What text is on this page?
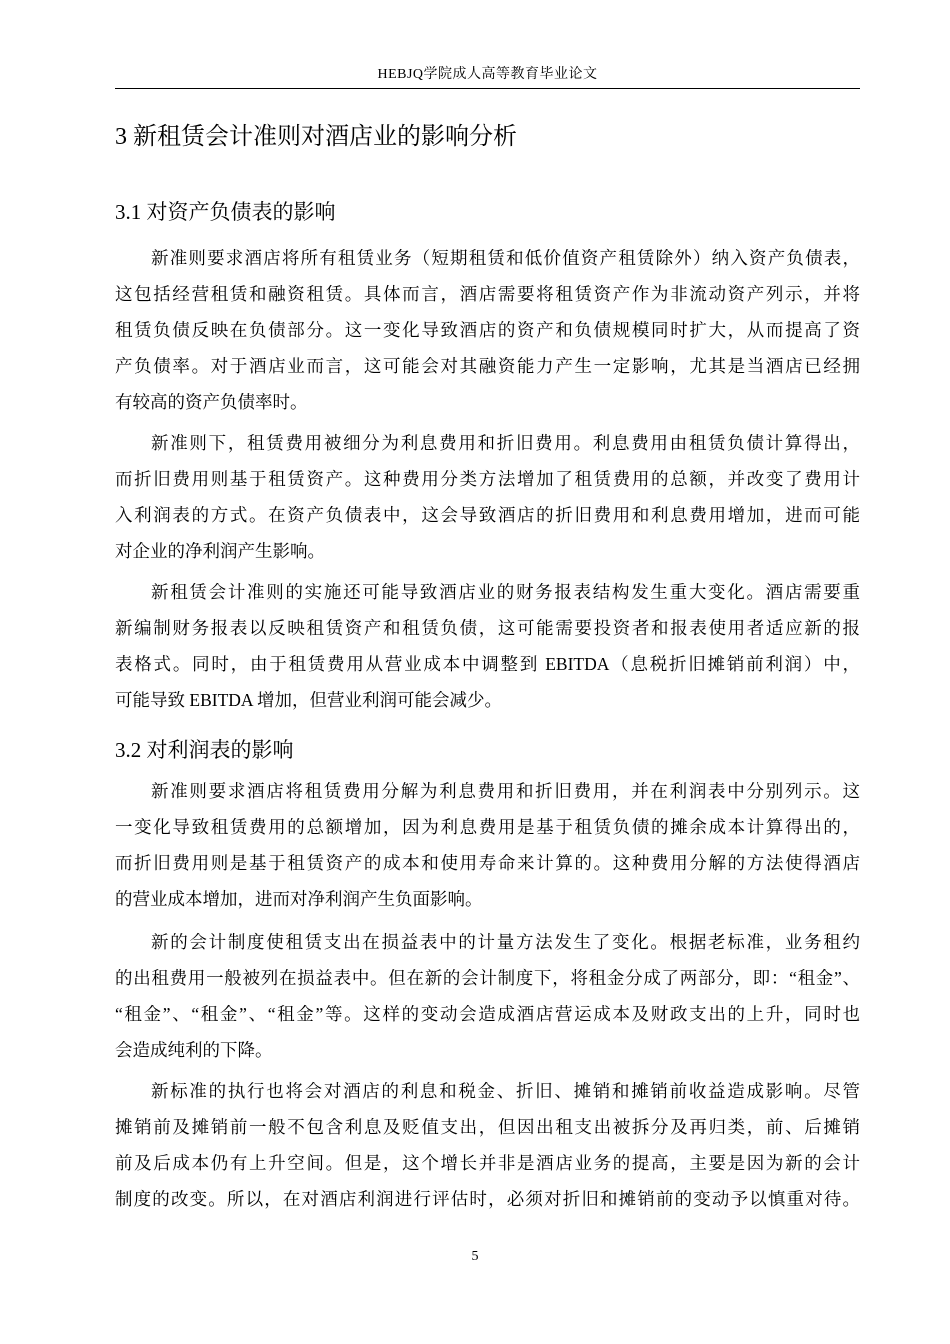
HEBJQ学院成人高等教育毕业论文
3 新租赁会计准则对酒店业的影响分析
3.1 对资产负债表的影响
新准则要求酒店将所有租赁业务（短期租赁和低价值资产租赁除外）纳入资产负债表，
这包括经营租赁和融资租赁。具体而言，酒店需要将租赁资产作为非流动资产列示，并将
租赁负债反映在负债部分。这一变化导致酒店的资产和负债规模同时扩大，从而提高了资
产负债率。对于酒店业而言，这可能会对其融资能力产生一定影响，尤其是当酒店已经拥
有较高的资产负债率时。
新准则下，租赁费用被细分为利息费用和折旧费用。利息费用由租赁负债计算得出，
而折旧费用则基于租赁资产。这种费用分类方法增加了租赁费用的总额，并改变了费用计
入利润表的方式。在资产负债表中，这会导致酒店的折旧费用和利息费用增加，进而可能
对企业的净利润产生影响。
新租赁会计准则的实施还可能导致酒店业的财务报表结构发生重大变化。酒店需要重
新编制财务报表以反映租赁资产和租赁负债，这可能需要投资者和报表使用者适应新的报
表格式。同时，由于租赁费用从营业成本中调整到 EBITDA（息税折旧摊销前利润）中，
可能导致 EBITDA 增加，但营业利润可能会减少。
3.2 对利润表的影响
新准则要求酒店将租赁费用分解为利息费用和折旧费用，并在利润表中分别列示。这
一变化导致租赁费用的总额增加，因为利息费用是基于租赁负债的摊余成本计算得出的，
而折旧费用则是基于租赁资产的成本和使用寿命来计算的。这种费用分解的方法使得酒店
的营业成本增加，进而对净利润产生负面影响。
新的会计制度使租赁支出在损益表中的计量方法发生了变化。根据老标准，业务租约
的出租费用一般被列在损益表中。但在新的会计制度下，将租金分成了两部分，即：“租金”、
“租金”、“租金”、“租金”等。这样的变动会造成酒店营运成本及财政支出的上升，同时也
会造成纯利的下降。
新标准的执行也将会对酒店的利息和税金、折旧、摊销和摊销前收益造成影响。尽管
摊销前及摊销前一般不包含利息及贬值支出，但因出租支出被拆分及再归类，前、后摊销
前及后成本仍有上升空间。但是，这个增长并非是酒店业务的提高，主要是因为新的会计
制度的改变。所以，在对酒店利润进行评估时，必须对折旧和摊销前的变动予以慎重对待。
5
